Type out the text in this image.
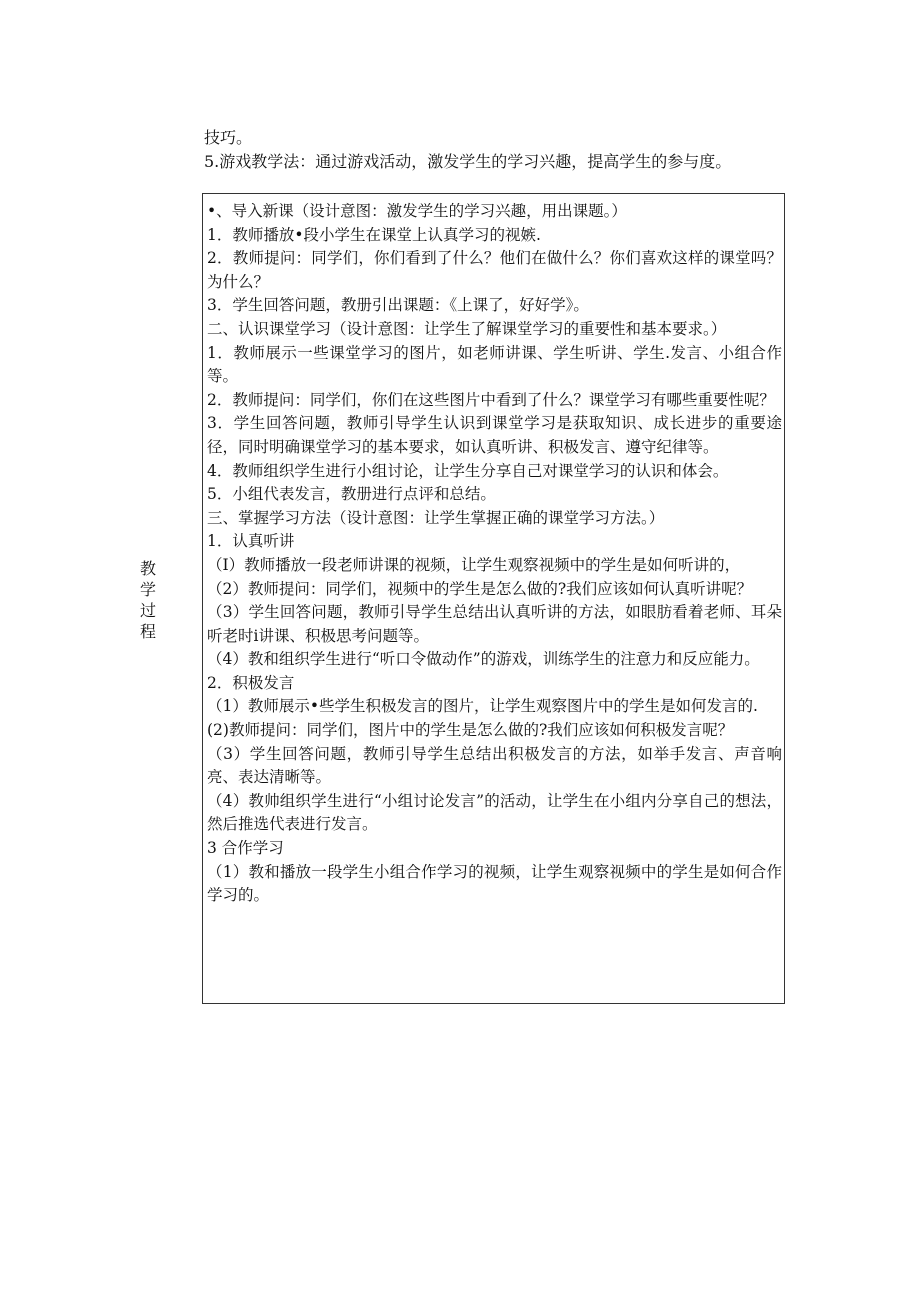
技巧。

5.游戏教学法：通过游戏活动，激发学生的学习兴趣，提高学生的参与度。

教学过程

•、导入新课（设计意图：激发学生的学习兴趣，用出课题。）

1．教师播放•段小学生在课堂上认真学习的视嫉.

2．教师提问：同学们，你们看到了什么？他们在做什么？你们喜欢这样的课堂吗？为什么？

3．学生回答问题，教册引出课题：《上课了，好好学》。

二、认识课堂学习（设计意图：让学生了解课堂学习的重要性和基本要求。）

1．教师展示一些课堂学习的图片，如老师讲课、学生听讲、学生.发言、小组合作等。

2．教师提问：同学们，你们在这些图片中看到了什么？课堂学习有哪些重要性呢？

3．学生回答问题，教师引导学生认识到课堂学习是获取知识、成长进步的重要途径，同时明确课堂学习的基本要求，如认真听讲、积极发言、遵守纪律等。

4．教师组织学生进行小组讨论，让学生分享自己对课堂学习的认识和体会。

5．小组代表发言，教册进行点评和总结。

三、掌握学习方法（设计意图：让学生掌握正确的课堂学习方法。）

1．认真听讲

（I）教师播放一段老师讲课的视频，让学生观察视频中的学生是如何听讲的，

（2）教师提问：同学们，视频中的学生是怎么做的?我们应该如何认真听讲呢？

（3）学生回答问题，教师引导学生总结出认真听讲的方法，如眼肪看着老师、耳朵听老时i讲课、积极思考问题等。

（4）教和组织学生进行“听口令做动作”的游戏，训练学生的注意力和反应能力。

2．积极发言

（1）教师展示•些学生积极发言的图片，让学生观察图片中的学生是如何发言的.

(2)教师提问：同学们，图片中的学生是怎么做的?我们应该如何积极发言呢？

（3）学生回答问题，教师引导学生总结出积极发言的方法，如举手发言、声音响亮、表达清晰等。

（4）教帅组织学生进行“小组讨论发言”的活动，让学生在小组内分享自己的想法，然后推选代表进行发言。

3 合作学习

（1）教和播放一段学生小组合作学习的视频，让学生观察视频中的学生是如何合作学习的。
